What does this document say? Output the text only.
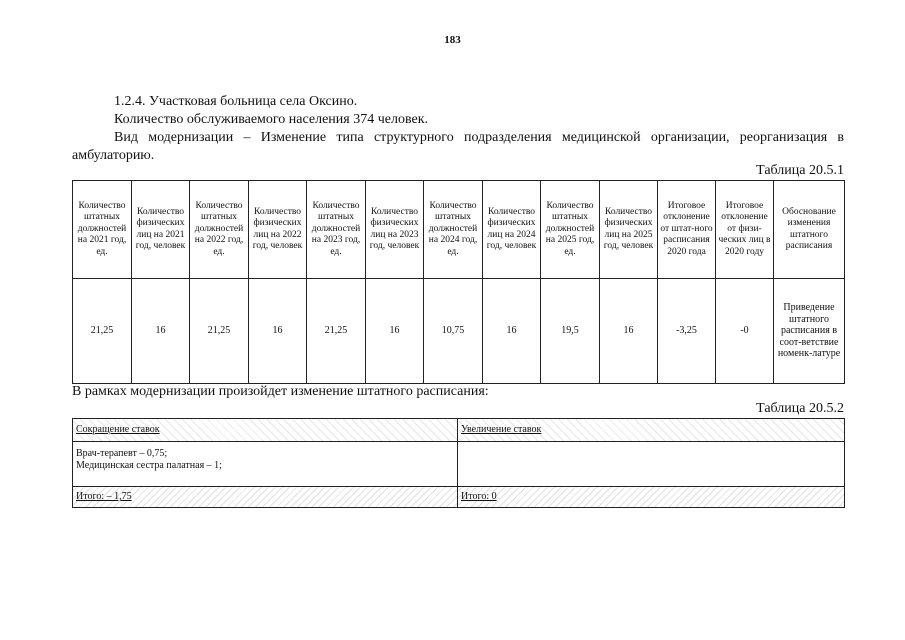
183
1.2.4. Участковая больница села Оксино.
Количество обслуживаемого населения 374 человек.
Вид модернизации – Изменение типа структурного подразделения медицинской организации, реорганизация в амбулаторию.
Таблица 20.5.1
Количество штатных должностей на 2021 год, ед.	Количество физических лиц на 2021 год, человек	Количество штатных должностей на 2022 год, ед.	Количество физических лиц на 2022 год, человек	Количество штатных должностей на 2023 год, ед.	Количество физических лиц на 2023 год, человек	Количество штатных должностей на 2024 год, ед.	Количество физических лиц на 2024 год, человек	Количество штатных должностей на 2025 год, ед.	Количество физических лиц на 2025 год, человек	Итоговое отклонение от штат-ного расписания 2020 года	Итоговое отклонение от физи-ческих лиц в 2020 году	Обоснование изменения штатного расписания
21,25	16	21,25	16	21,25	16	10,75	16	19,5	16	-3,25	-0	Приведение штатного расписания в соот-ветствие номенк-латуре
В рамках модернизации произойдет изменение штатного расписания:
Таблица 20.5.2
Сокращение ставок	Увеличение ставок

Врач-терапевт – 0,75;
Медицинская сестра палатная – 1;	

Итого: – 1,75	Итого: 0
